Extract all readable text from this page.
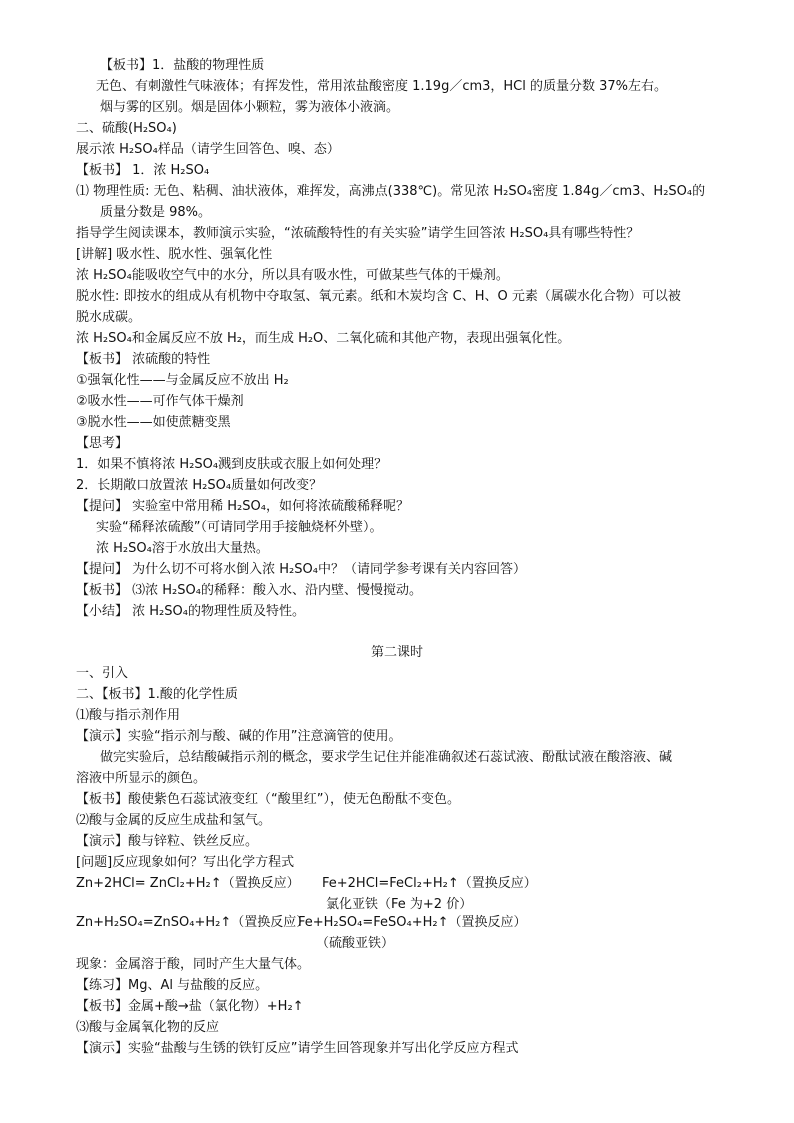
【板书】1．盐酸的物理性质
无色、有刺激性气味液体；有挥发性，常用浓盐酸密度 1.19g／cm3，HCl 的质量分数 37%左右。
烟与雾的区别。烟是固体小颗粒，雾为液体小液滴。
二、硫酸(H₂SO₄)
展示浓 H₂SO₄样品（请学生回答色、嗅、态）
【板书】 1．浓 H₂SO₄
⑴ 物理性质: 无色、粘稠、油状液体，难挥发，高沸点(338℃)。常见浓 H₂SO₄密度 1.84g／cm3、H₂SO₄的
质量分数是 98%。
指导学生阅读课本，教师演示实验，“浓硫酸特性的有关实验”请学生回答浓 H₂SO₄具有哪些特性？
[讲解] 吸水性、脱水性、强氧化性
浓 H₂SO₄能吸收空气中的水分，所以具有吸水性，可做某些气体的干燥剂。
脱水性: 即按水的组成从有机物中夺取氢、氧元素。纸和木炭均含 C、H、O 元素（属碳水化合物）可以被
脱水成碳。
浓 H₂SO₄和金属反应不放 H₂，而生成 H₂O、二氧化硫和其他产物，表现出强氧化性。
【板书】 浓硫酸的特性
①强氧化性——与金属反应不放出 H₂
②吸水性——可作气体干燥剂
③脱水性——如使蔗糖变黑
【思考】
1．如果不慎将浓 H₂SO₄溅到皮肤或衣服上如何处理？
2．长期敞口放置浓 H₂SO₄质量如何改变？
【提问】 实验室中常用稀 H₂SO₄，如何将浓硫酸稀释呢？
实验“稀释浓硫酸”（可请同学用手接触烧杯外壁）。
浓 H₂SO₄溶于水放出大量热。
【提问】 为什么切不可将水倒入浓 H₂SO₄中？（请同学参考课有关内容回答）
【板书】 ⑶浓 H₂SO₄的稀释：酸入水、沿内壁、慢慢搅动。
【小结】 浓 H₂SO₄的物理性质及特性。
第二课时
一、引入
二、【板书】1.酸的化学性质
⑴酸与指示剂作用
【演示】实验“指示剂与酸、碱的作用”注意滴管的使用。
做完实验后，总结酸碱指示剂的概念，要求学生记住并能准确叙述石蕊试液、酚酞试液在酸溶液、碱
溶液中所显示的颜色。
【板书】酸使紫色石蕊试液变红（“酸里红”），使无色酚酞不变色。
⑵酸与金属的反应生成盐和氢气。
【演示】酸与锌粒、铁丝反应。
[问题]反应现象如何？写出化学方程式
Zn+2HCl= ZnCl₂+H₂↑（置换反应） Fe+2HCl=FeCl₂+H₂↑（置换反应）
氯化亚铁（Fe 为+2 价）
Zn+H₂SO₄=ZnSO₄+H₂↑（置换反应）
Fe+H₂SO₄=FeSO₄+H₂↑（置换反应）
（硫酸亚铁）
现象：金属溶于酸，同时产生大量气体。
【练习】Mg、Al 与盐酸的反应。
【板书】金属+酸→盐（氯化物）+H₂↑
⑶酸与金属氧化物的反应
【演示】实验“盐酸与生锈的铁钉反应”请学生回答现象并写出化学反应方程式
